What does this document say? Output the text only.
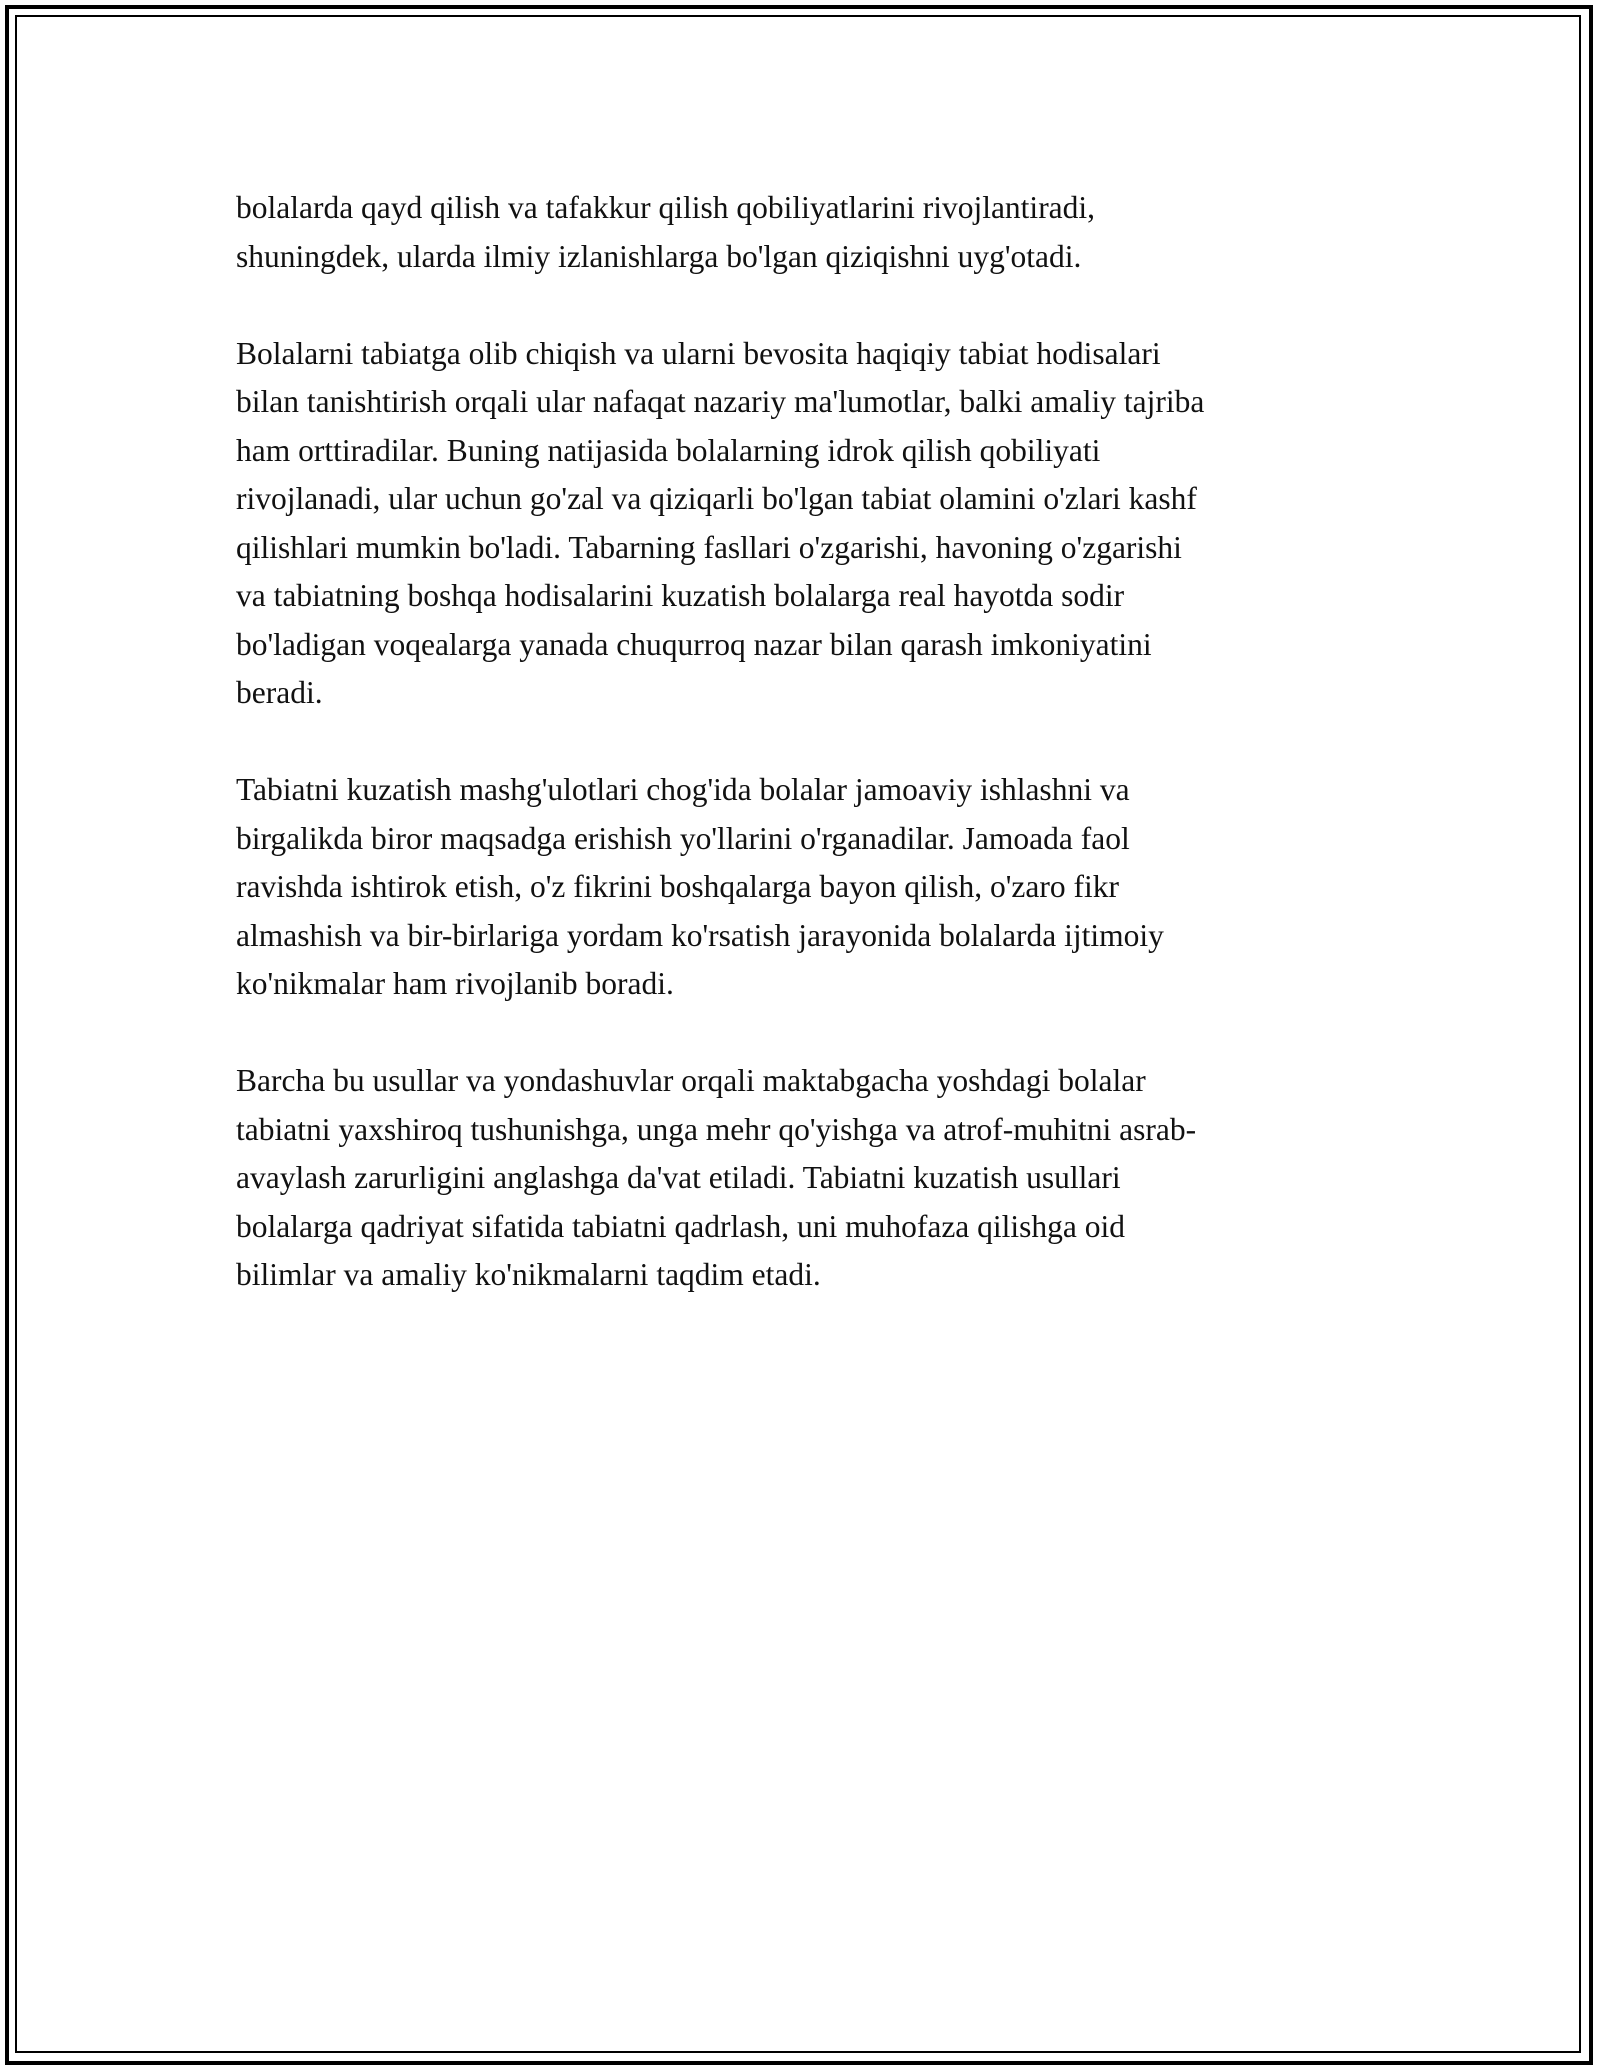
bolalarda qayd qilish va tafakkur qilish qobiliyatlarini rivojlantiradi,
shuningdek, ularda ilmiy izlanishlarga bo'lgan qiziqishni uyg'otadi.

Bolalarni tabiatga olib chiqish va ularni bevosita haqiqiy tabiat hodisalari
bilan tanishtirish orqali ular nafaqat nazariy ma'lumotlar, balki amaliy tajriba
ham orttiradilar. Buning natijasida bolalarning idrok qilish qobiliyati
rivojlanadi, ular uchun go'zal va qiziqarli bo'lgan tabiat olamini o'zlari kashf
qilishlari mumkin bo'ladi. Tabarning fasllari o'zgarishi, havoning o'zgarishi
va tabiatning boshqa hodisalarini kuzatish bolalarga real hayotda sodir
bo'ladigan voqealarga yanada chuqurroq nazar bilan qarash imkoniyatini
beradi.

Tabiatni kuzatish mashg'ulotlari chog'ida bolalar jamoaviy ishlashni va
birgalikda biror maqsadga erishish yo'llarini o'rganadilar. Jamoada faol
ravishda ishtirok etish, o'z fikrini boshqalarga bayon qilish, o'zaro fikr
almashish va bir-birlariga yordam ko'rsatish jarayonida bolalarda ijtimoiy
ko'nikmalar ham rivojlanib boradi.

Barcha bu usullar va yondashuvlar orqali maktabgacha yoshdagi bolalar
tabiatni yaxshiroq tushunishga, unga mehr qo'yishga va atrof-muhitni asrab-
avaylash zarurligini anglashga da'vat etiladi. Tabiatni kuzatish usullari
bolalarga qadriyat sifatida tabiatni qadrlash, uni muhofaza qilishga oid
bilimlar va amaliy ko'nikmalarni taqdim etadi.
